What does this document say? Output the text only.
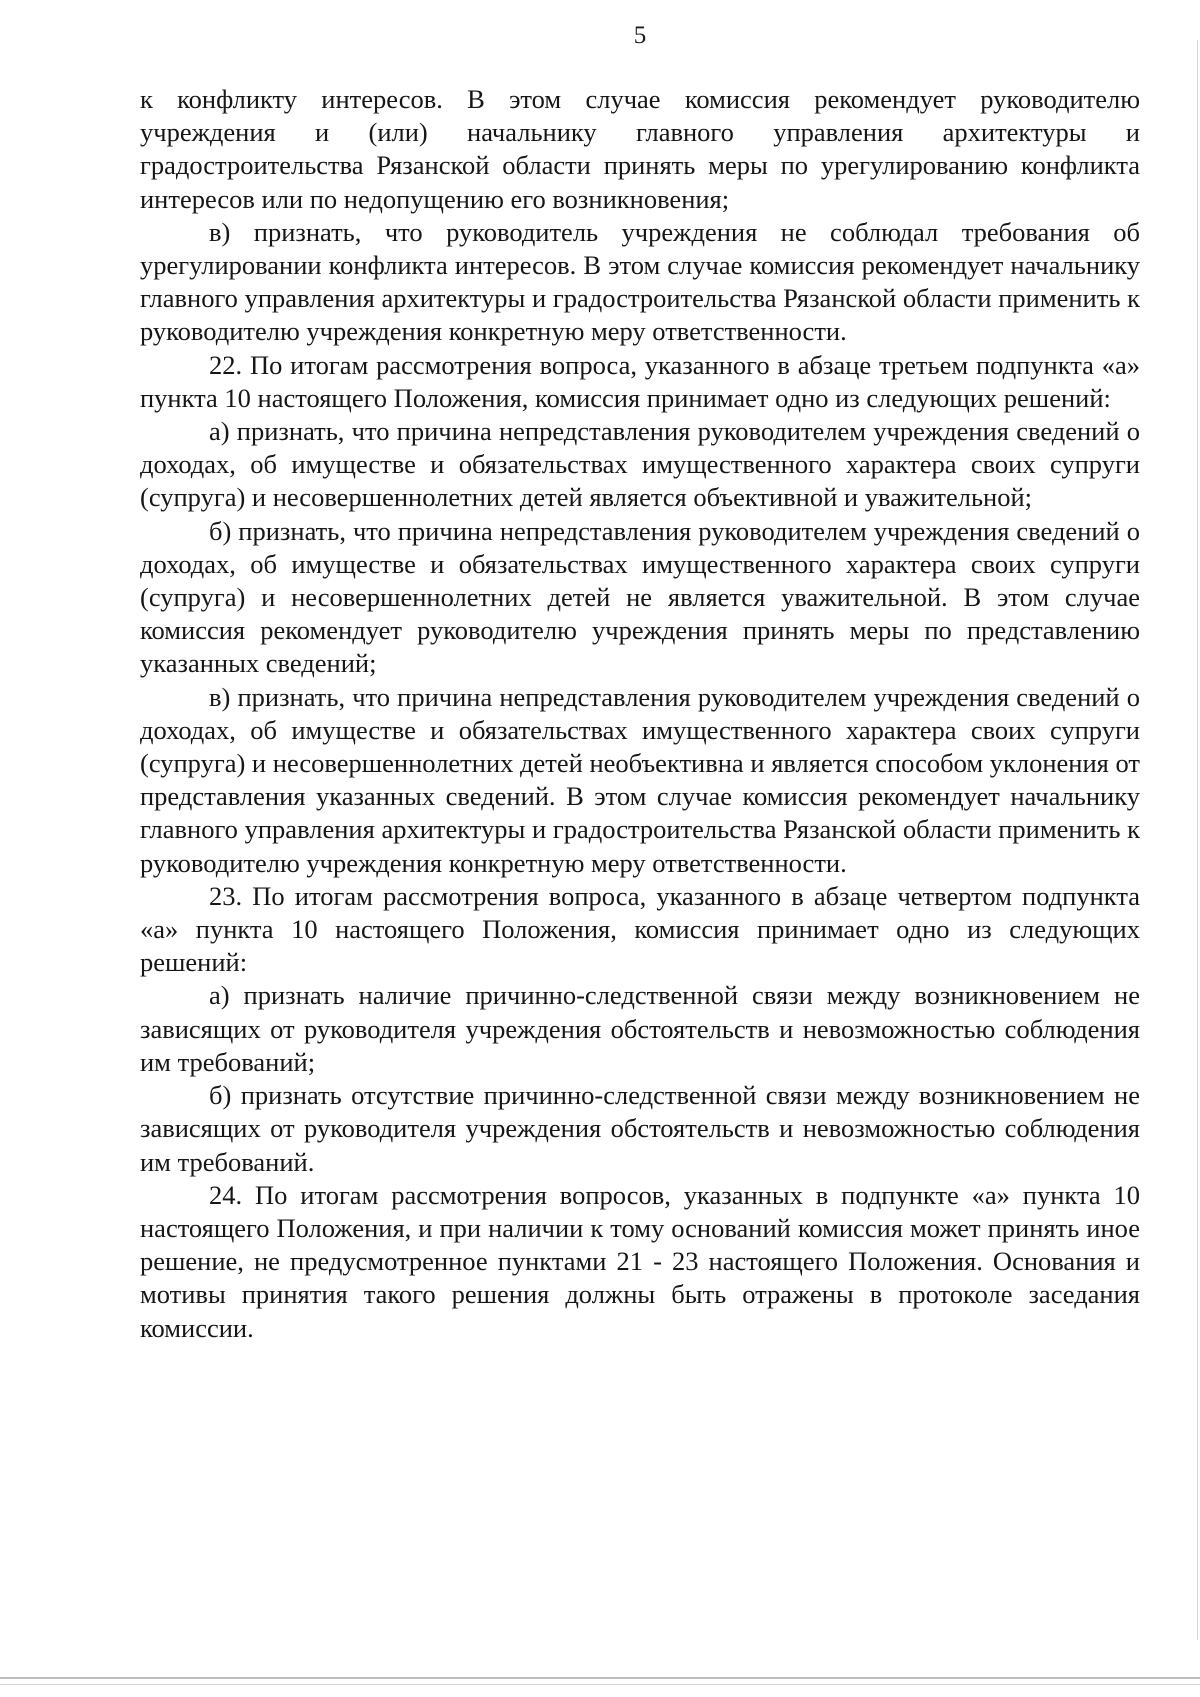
5

к конфликту интересов. В этом случае комиссия рекомендует руководителю учреждения и (или) начальнику главного управления архитектуры и градостроительства Рязанской области принять меры по урегулированию конфликта интересов или по недопущению его возникновения;

в) признать, что руководитель учреждения не соблюдал требования об урегулировании конфликта интересов. В этом случае комиссия рекомендует начальнику главного управления архитектуры и градостроительства Рязанской области применить к руководителю учреждения конкретную меру ответственности.

22. По итогам рассмотрения вопроса, указанного в абзаце третьем подпункта «а» пункта 10 настоящего Положения, комиссия принимает одно из следующих решений:

а) признать, что причина непредставления руководителем учреждения сведений о доходах, об имуществе и обязательствах имущественного характера своих супруги (супруга) и несовершеннолетних детей является объективной и уважительной;

б) признать, что причина непредставления руководителем учреждения сведений о доходах, об имуществе и обязательствах имущественного характера своих супруги (супруга) и несовершеннолетних детей не является уважительной. В этом случае комиссия рекомендует руководителю учреждения принять меры по представлению указанных сведений;

в) признать, что причина непредставления руководителем учреждения сведений о доходах, об имуществе и обязательствах имущественного характера своих супруги (супруга) и несовершеннолетних детей необъективна и является способом уклонения от представления указанных сведений. В этом случае комиссия рекомендует начальнику главного управления архитектуры и градостроительства Рязанской области применить к руководителю учреждения конкретную меру ответственности.

23. По итогам рассмотрения вопроса, указанного в абзаце четвертом подпункта «а» пункта 10 настоящего Положения, комиссия принимает одно из следующих решений:

а) признать наличие причинно-следственной связи между возникновением не зависящих от руководителя учреждения обстоятельств и невозможностью соблюдения им требований;

б) признать отсутствие причинно-следственной связи между возникновением не зависящих от руководителя учреждения обстоятельств и невозможностью соблюдения им требований.

24. По итогам рассмотрения вопросов, указанных в подпункте «а» пункта 10 настоящего Положения, и при наличии к тому оснований комиссия может принять иное решение, не предусмотренное пунктами 21 - 23 настоящего Положения. Основания и мотивы принятия такого решения должны быть отражены в протоколе заседания комиссии.
